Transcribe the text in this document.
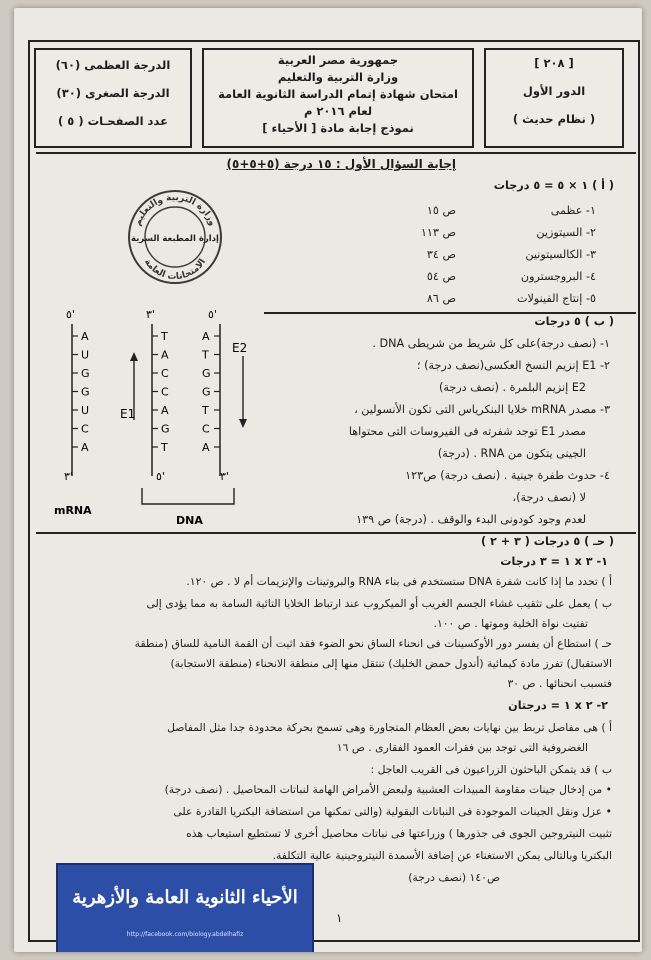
[ ٢٠٨ ]
الدور الأول
( نظام حديث )
جمهورية مصر العربية
وزارة التربية والتعليم
امتحان شهادة إتمام الدراسة الثانوية العامة
لعام ٢٠١٦ م
نموذج إجابة مادة [ الأحياء ]
الدرجة العظمى (٦٠)
الدرجة الصغرى (٣٠)
عدد الصفحـات ( ٥ )
إجابة السؤال الأول : ١٥ درجة (٥+٥+٥)
( أ ) ١ × ٥ = ٥ درجات
١- عظمى
ص ١٥
٢- السيتوزين
ص ١١٣
٣- الكالسيتونين
ص ٣٤
٤- البروجسترون
ص ٥٤
٥- إنتاج الفينولات
ص ٨٦
وزارة التربية والتعليم
الامتحانات العامة
إدارة المطبعة السرية
٥'	٣'	٥'
٣'	٥'	٣'
A
U
G
G
U
C
A
T
A
C
C
A
G
T
A
T
G
G
T
C
A
E1
E2
mRNA
DNA
( ب ) ٥ درجات
١- (نصف درجة)على كل شريط من شريطى DNA .
٢- E1 إنزيم النسخ العكسى(نصف درجة) ؛
E2 إنزيم البلمرة . (نصف درجة)
٣- مصدر mRNA خلايا البنكرياس التى تكون الأنسولين ،
مصدر E1 توجد شفرته فى الفيروسات التى محتواها
الجينى يتكون من RNA . (درجة)
٤- حدوث طفرة جينية . (نصف درجة) ص١٢٣
لا (نصف درجة)،
لعدم وجود كودونى البدء والوقف . (درجة) ص ١٣٩
( حـ ) ٥ درجات ( ٣ + ٢ )
١- ٣ x ١ = ٣ درجات
أ ) تحدد ما إذا كانت شفرة DNA ستستخدم فى بناء RNA والبروتينات والإنزيمات أم لا . ص ١٢٠.
ب ) يعمل على تثقيب غشاء الجسم الغريب أو الميكروب عند ارتباط الخلايا التائية السامة به مما يؤدى إلى
تفتيت نواة الخلية وموتها . ص ١٠٠.
حـ ) استطاع أن يفسر دور الأوكسينات فى انحناء الساق نحو الضوء فقد اثبت أن القمة النامية للساق (منطقة
الاستقبال) تفرز مادة كيمائية (أندول حمض الخليك) تنتقل منها إلى منطقة الانحناء (منطقة الاستجابة)
فتسبب انحنائها . ص ٣٠
٢- ٢ x ١ = درجتان
أ ) هى مفاصل تربط بين نهايات بعض العظام المتجاورة وهى تسمح بحركة محدودة جدا مثل المفاصل
الغضروفية التى توجد بين فقرات العمود الفقارى . ص ١٦
ب ) قد يتمكن الباحثون الزراعيون فى القريب العاجل :
• من إدخال جينات مقاومة المبيدات العشبية ولبعض الأمراض الهامة لنباتات المحاصيل . (نصف درجة)
• عزل ونقل الجينات الموجودة فى النباتات البقولية (والتى تمكنها من استضافة البكتريا القادرة على
تثبيت النيتروجين الجوى فى جذورها ) وزراعتها فى نباتات محاصيل أخرى لا تستطيع استيعاب هذه
البكتريا وبالتالى يمكن الاستغناء عن إضافة الأسمدة النيتروجينية عالية التكلفة.
ص١٤٠ (نصف درجة)
١
الأحياء الثانوية العامة والأزهرية
http://facebook.com/biology.abdelhafiz
